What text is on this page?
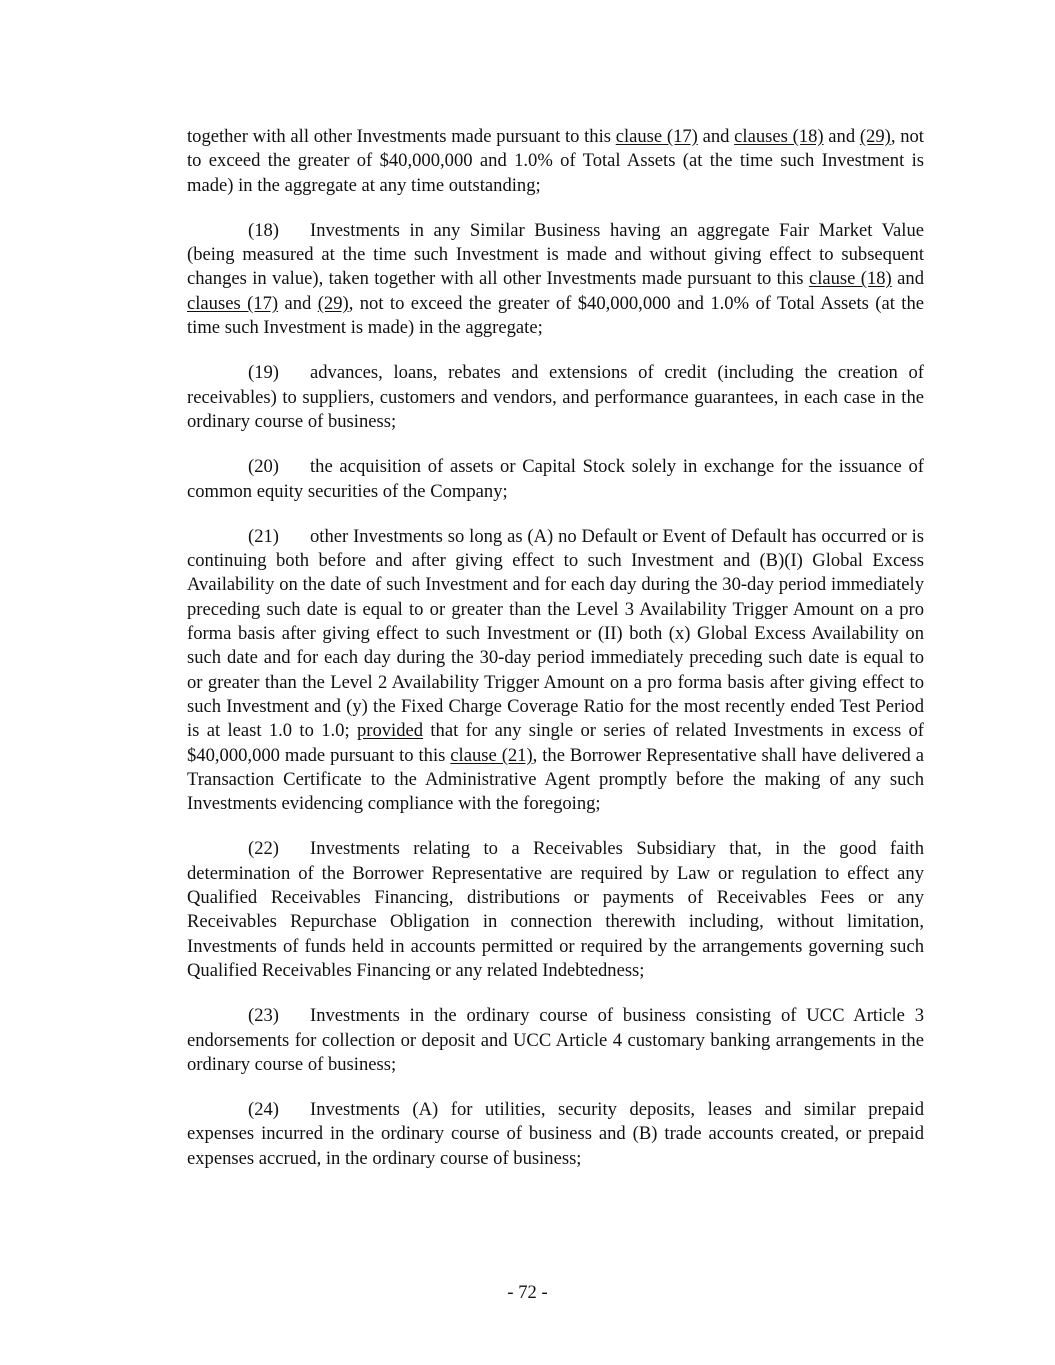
together with all other Investments made pursuant to this clause (17) and clauses (18) and (29), not to exceed the greater of $40,000,000 and 1.0% of Total Assets (at the time such Investment is made) in the aggregate at any time outstanding;

(18) Investments in any Similar Business having an aggregate Fair Market Value (being measured at the time such Investment is made and without giving effect to subsequent changes in value), taken together with all other Investments made pursuant to this clause (18) and clauses (17) and (29), not to exceed the greater of $40,000,000 and 1.0% of Total Assets (at the time such Investment is made) in the aggregate;

(19) advances, loans, rebates and extensions of credit (including the creation of receivables) to suppliers, customers and vendors, and performance guarantees, in each case in the ordinary course of business;

(20) the acquisition of assets or Capital Stock solely in exchange for the issuance of common equity securities of the Company;

(21) other Investments so long as (A) no Default or Event of Default has occurred or is continuing both before and after giving effect to such Investment and (B)(I) Global Excess Availability on the date of such Investment and for each day during the 30-day period immediately preceding such date is equal to or greater than the Level 3 Availability Trigger Amount on a pro forma basis after giving effect to such Investment or (II) both (x) Global Excess Availability on such date and for each day during the 30-day period immediately preceding such date is equal to or greater than the Level 2 Availability Trigger Amount on a pro forma basis after giving effect to such Investment and (y) the Fixed Charge Coverage Ratio for the most recently ended Test Period is at least 1.0 to 1.0; provided that for any single or series of related Investments in excess of $40,000,000 made pursuant to this clause (21), the Borrower Representative shall have delivered a Transaction Certificate to the Administrative Agent promptly before the making of any such Investments evidencing compliance with the foregoing;

(22) Investments relating to a Receivables Subsidiary that, in the good faith determination of the Borrower Representative are required by Law or regulation to effect any Qualified Receivables Financing, distributions or payments of Receivables Fees or any Receivables Repurchase Obligation in connection therewith including, without limitation, Investments of funds held in accounts permitted or required by the arrangements governing such Qualified Receivables Financing or any related Indebtedness;

(23) Investments in the ordinary course of business consisting of UCC Article 3 endorsements for collection or deposit and UCC Article 4 customary banking arrangements in the ordinary course of business;

(24) Investments (A) for utilities, security deposits, leases and similar prepaid expenses incurred in the ordinary course of business and (B) trade accounts created, or prepaid expenses accrued, in the ordinary course of business;

- 72 -
